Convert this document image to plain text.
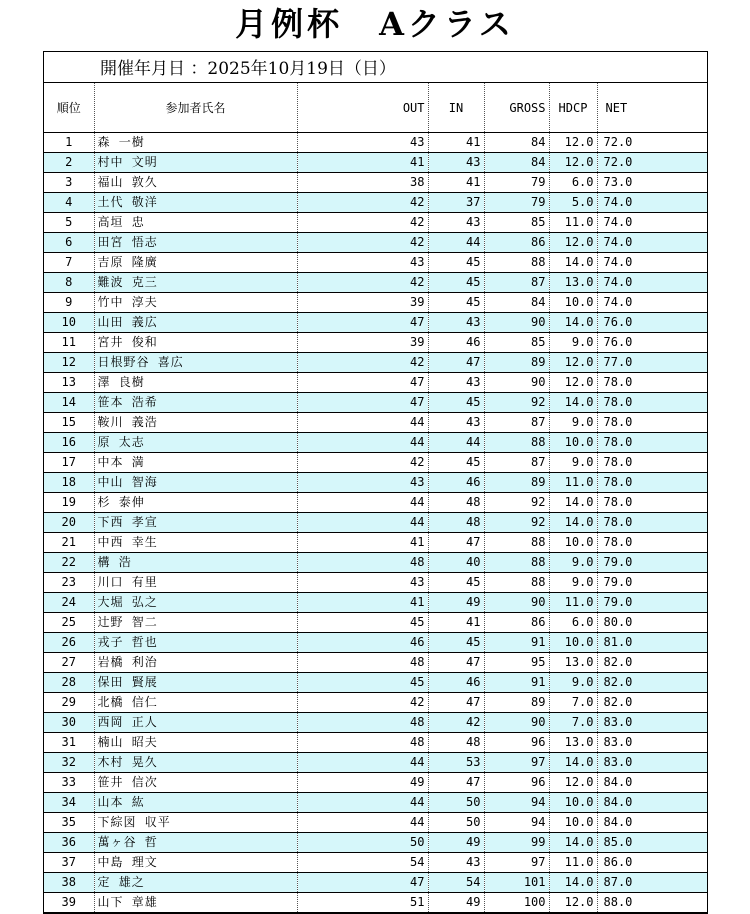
月例杯　Aクラス
開催年月日 ：2025年10月19日（日）
順位	参加者氏名	OUT	IN	GROSS	HDCP	NET
1	森 一樹	43	41	84	12.0	72.0
2	村中 文明	41	43	84	12.0	72.0
3	福山 敦久	38	41	79	6.0	73.0
4	土代 敬洋	42	37	79	5.0	74.0
5	高垣 忠	42	43	85	11.0	74.0
6	田宮 悟志	42	44	86	12.0	74.0
7	吉原 隆廣	43	45	88	14.0	74.0
8	難波 克三	42	45	87	13.0	74.0
9	竹中 淳夫	39	45	84	10.0	74.0
10	山田 義広	47	43	90	14.0	76.0
11	宮井 俊和	39	46	85	9.0	76.0
12	日根野谷 喜広	42	47	89	12.0	77.0
13	澤 良樹	47	43	90	12.0	78.0
14	笹本 浩希	47	45	92	14.0	78.0
15	鞍川 義浩	44	43	87	9.0	78.0
16	原 太志	44	44	88	10.0	78.0
17	中本 満	42	45	87	9.0	78.0
18	中山 智海	43	46	89	11.0	78.0
19	杉 泰伸	44	48	92	14.0	78.0
20	下西 孝宣	44	48	92	14.0	78.0
21	中西 幸生	41	47	88	10.0	78.0
22	構 浩	48	40	88	9.0	79.0
23	川口 有里	43	45	88	9.0	79.0
24	大堀 弘之	41	49	90	11.0	79.0
25	辻野 智二	45	41	86	6.0	80.0
26	戎子 哲也	46	45	91	10.0	81.0
27	岩橋 利治	48	47	95	13.0	82.0
28	保田 賢展	45	46	91	9.0	82.0
29	北橋 信仁	42	47	89	7.0	82.0
30	西岡 正人	48	42	90	7.0	83.0
31	楠山 昭夫	48	48	96	13.0	83.0
32	木村 晃久	44	53	97	14.0	83.0
33	笹井 信次	49	47	96	12.0	84.0
34	山本 紘	44	50	94	10.0	84.0
35	下綜図 収平	44	50	94	10.0	84.0
36	萬ヶ谷 哲	50	49	99	14.0	85.0
37	中島 理文	54	43	97	11.0	86.0
38	定 雄之	47	54	101	14.0	87.0
39	山下 章雄	51	49	100	12.0	88.0
